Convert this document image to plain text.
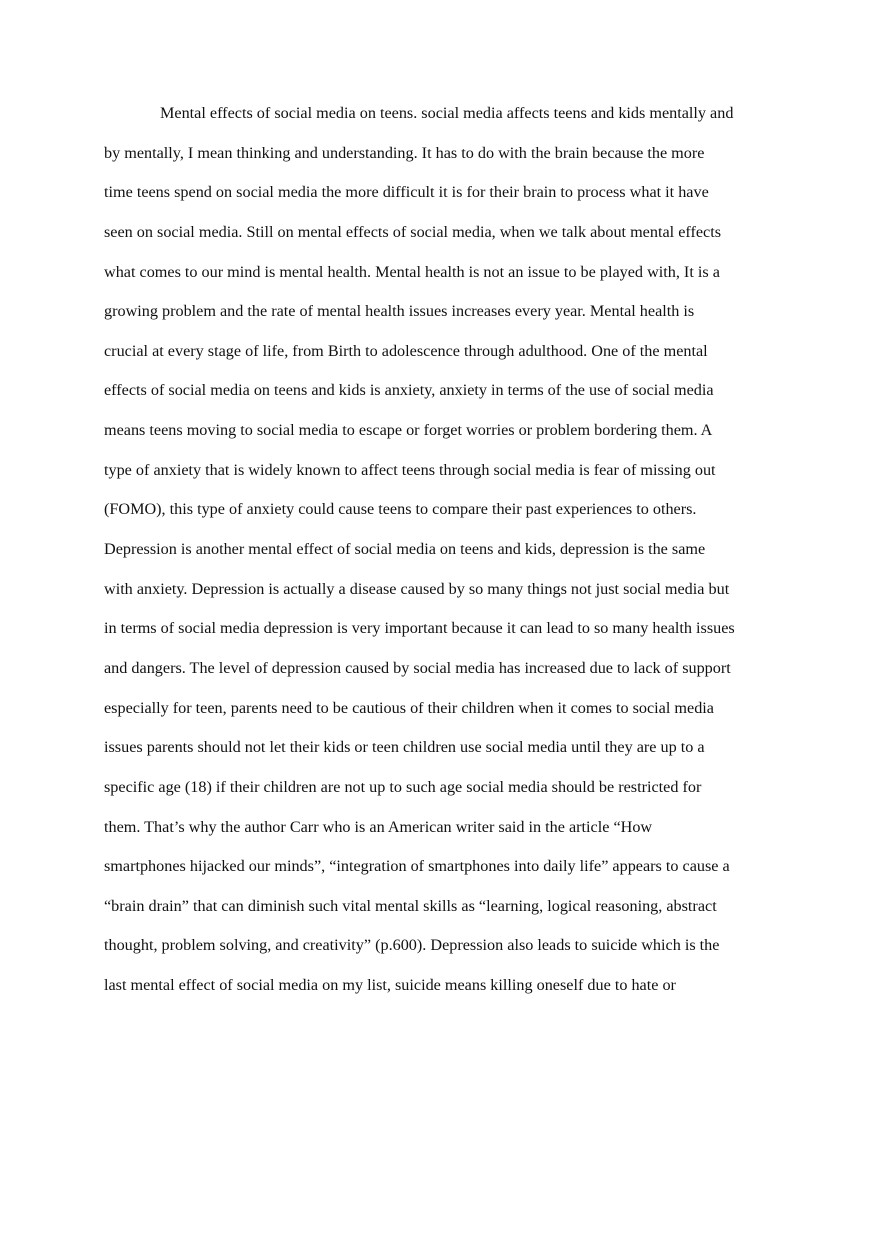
Mental effects of social media on teens. social media affects teens and kids mentally and
by mentally, I mean thinking and understanding. It has to do with the brain because the more
time teens spend on social media the more difficult it is for their brain to process what it have
seen on social media. Still on mental effects of social media, when we talk about mental effects
what comes to our mind is mental health. Mental health is not an issue to be played with, It is a
growing problem and the rate of mental health issues increases every year. Mental health is
crucial at every stage of life, from Birth to adolescence through adulthood. One of the mental
effects of social media on teens and kids is anxiety, anxiety in terms of the use of social media
means teens moving to social media to escape or forget worries or problem bordering them. A
type of anxiety that is widely known to affect teens through social media is fear of missing out
(FOMO), this type of anxiety could cause teens to compare their past experiences to others.
Depression is another mental effect of social media on teens and kids, depression is the same
with anxiety. Depression is actually a disease caused by so many things not just social media but
in terms of social media depression is very important because it can lead to so many health issues
and dangers. The level of depression caused by social media has increased due to lack of support
especially for teen, parents need to be cautious of their children when it comes to social media
issues parents should not let their kids or teen children use social media until they are up to a
specific age (18) if their children are not up to such age social media should be restricted for
them. That’s why the author Carr who is an American writer said in the article “How
smartphones hijacked our minds”, “integration of smartphones into daily life” appears to cause a
“brain drain” that can diminish such vital mental skills as “learning, logical reasoning, abstract
thought, problem solving, and creativity” (p.600). Depression also leads to suicide which is the
last mental effect of social media on my list, suicide means killing oneself due to hate or
